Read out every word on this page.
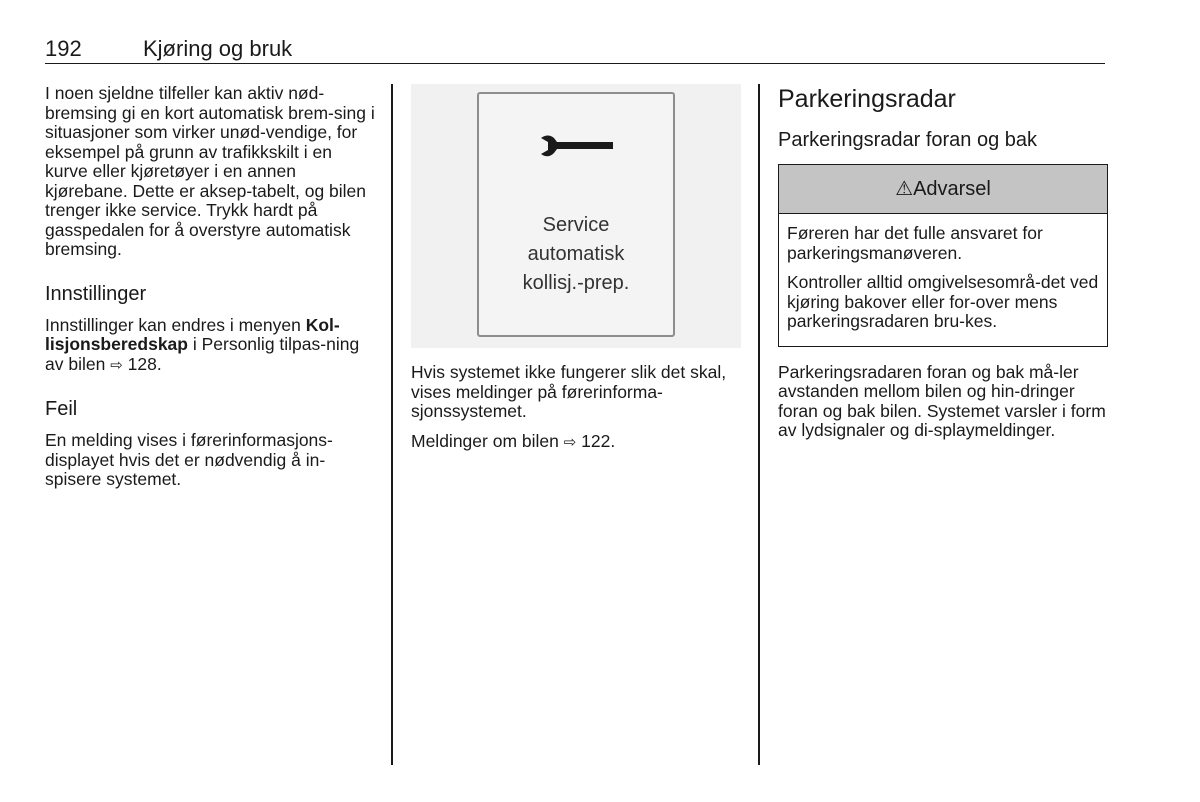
192	Kjøring og bruk

I noen sjeldne tilfeller kan aktiv nød-bremsing gi en kort automatisk brem-sing i situasjoner som virker unød-vendige, for eksempel på grunn av trafikkskilt i en kurve eller kjøretøyer i en annen kjørebane. Dette er aksep-tabelt, og bilen trenger ikke service. Trykk hardt på gasspedalen for å overstyre automatisk bremsing.

Innstillinger

Innstillinger kan endres i menyen Kol-lisjonsberedskap i Personlig tilpas-ning av bilen ⇨ 128.

Feil

En melding vises i førerinformasjons-displayet hvis det er nødvendig å in-spisere systemet.

Service
automatisk
kollisj.-prep.

Hvis systemet ikke fungerer slik det skal, vises meldinger på førerinforma-sjonssystemet.

Meldinger om bilen ⇨ 122.

Parkeringsradar
Parkeringsradar foran og bak
⚠Advarsel

Føreren har det fulle ansvaret for parkeringsmanøveren.

Kontroller alltid omgivelsesområ-det ved kjøring bakover eller for-over mens parkeringsradaren bru-kes.

Parkeringsradaren foran og bak må-ler avstanden mellom bilen og hin-dringer foran og bak bilen. Systemet varsler i form av lydsignaler og di-splaymeldinger.
